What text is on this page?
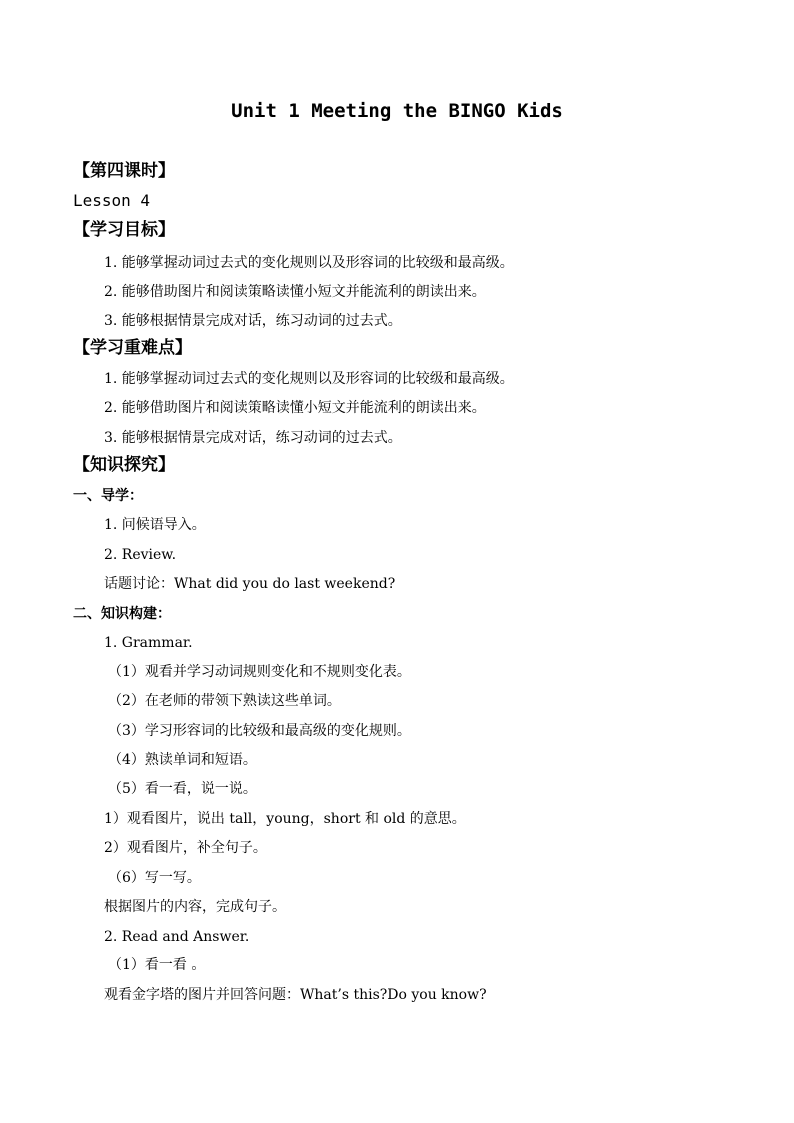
Unit 1 Meeting the BINGO Kids
【第四课时】
Lesson 4
【学习目标】
1. 能够掌握动词过去式的变化规则以及形容词的比较级和最高级。
2. 能够借助图片和阅读策略读懂小短文并能流利的朗读出来。
3. 能够根据情景完成对话，练习动词的过去式。
【学习重难点】
1. 能够掌握动词过去式的变化规则以及形容词的比较级和最高级。
2. 能够借助图片和阅读策略读懂小短文并能流利的朗读出来。
3. 能够根据情景完成对话，练习动词的过去式。
【知识探究】
一、导学：
1. 问候语导入。
2. Review.
话题讨论：What did you do last weekend?
二、知识构建：
1. Grammar.
（1）观看并学习动词规则变化和不规则变化表。
（2）在老师的带领下熟读这些单词。
（3）学习形容词的比较级和最高级的变化规则。
（4）熟读单词和短语。
（5）看一看，说一说。
1）观看图片，说出 tall，young，short 和 old 的意思。
2）观看图片，补全句子。
（6）写一写。
根据图片的内容，完成句子。
2. Read and Answer.
（1）看一看 。
观看金字塔的图片并回答问题：What’s this?Do you know?
